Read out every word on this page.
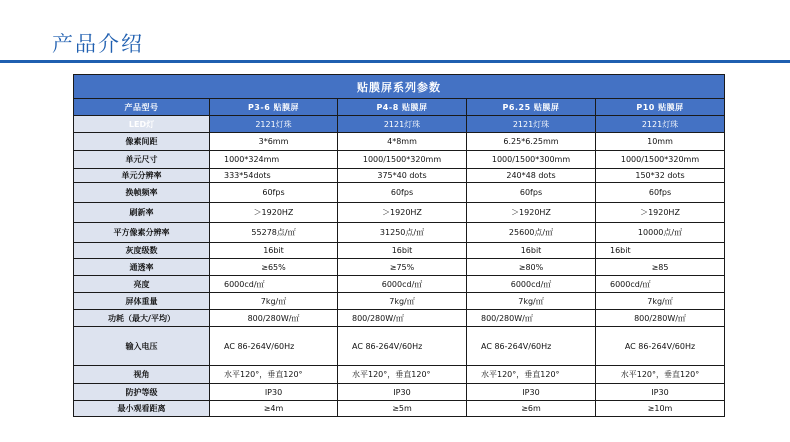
产品介绍
贴膜屏系列参数				
产品型号	P3-6 贴膜屏	P4-8 贴膜屏	P6.25 贴膜屏	P10 贴膜屏
LED灯	2121灯珠	2121灯珠	2121灯珠	2121灯珠
像素间距	3*6mm	4*8mm	6.25*6.25mm	10mm
单元尺寸	1000*324mm	1000/1500*320mm	1000/1500*300mm	1000/1500*320mm
单元分辨率	333*54dots	375*40 dots	240*48 dots	150*32 dots
换帧频率	60fps	60fps	60fps	60fps
刷新率	＞1920HZ	＞1920HZ	＞1920HZ	＞1920HZ
平方像素分辨率	55278点/㎡	31250点/㎡	25600点/㎡	10000点/㎡
灰度级数	16bit	16bit	16bit	16bit
通透率	≥65%	≥75%	≥80%	≥85
亮度	6000cd/㎡	6000cd/㎡	6000cd/㎡	6000cd/㎡
屏体重量	7kg/㎡	7kg/㎡	7kg/㎡	7kg/㎡
功耗（最大/平均）	800/280W/㎡	800/280W/㎡	800/280W/㎡	800/280W/㎡
输入电压	AC 86-264V/60Hz	AC 86-264V/60Hz	AC 86-264V/60Hz	AC 86-264V/60Hz
视角	水平120°，垂直120°	水平120°，垂直120°	水平120°，垂直120°	水平120°，垂直120°
防护等级	IP30	IP30	IP30	IP30
最小观看距离	≥4m	≥5m	≥6m	≥10m
